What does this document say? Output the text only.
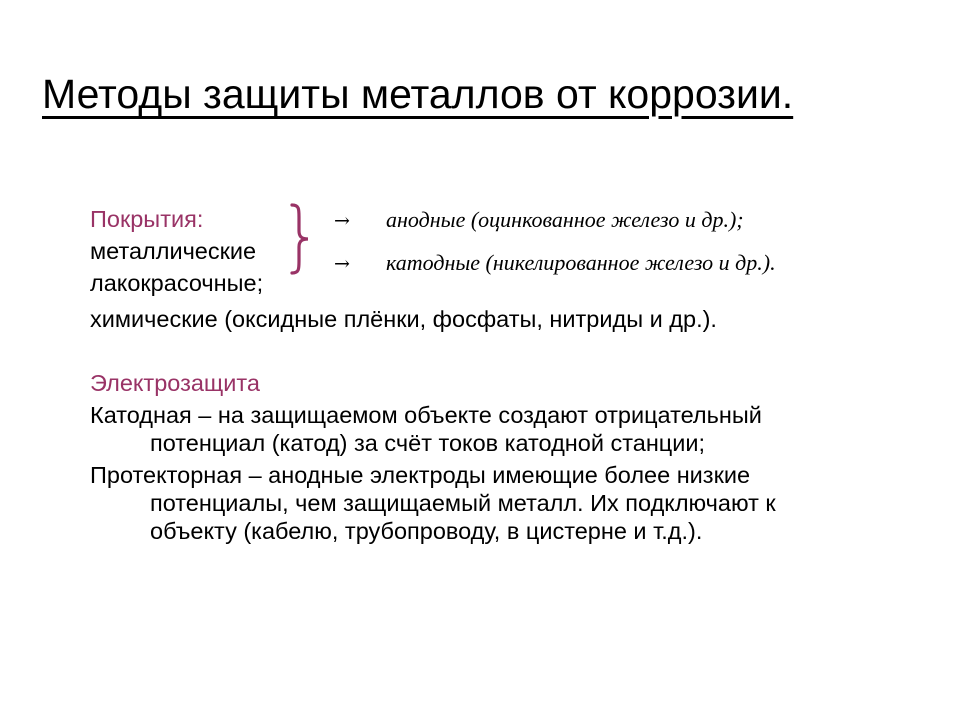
Методы защиты металлов от коррозии.
Покрытия:
металлические
лакокрасочные;
химические (оксидные плёнки, фосфаты, нитриды и др.).
→ анодные (оцинкованное железо и др.);
→ катодные (никелированное железо и др.).
Электрозащита
Катодная – на защищаемом объекте создают отрицательный
потенциал (катод) за счёт токов катодной станции;
Протекторная – анодные электроды имеющие более низкие
потенциалы, чем защищаемый металл. Их подключают к
объекту (кабелю, трубопроводу, в цистерне и т.д.).
